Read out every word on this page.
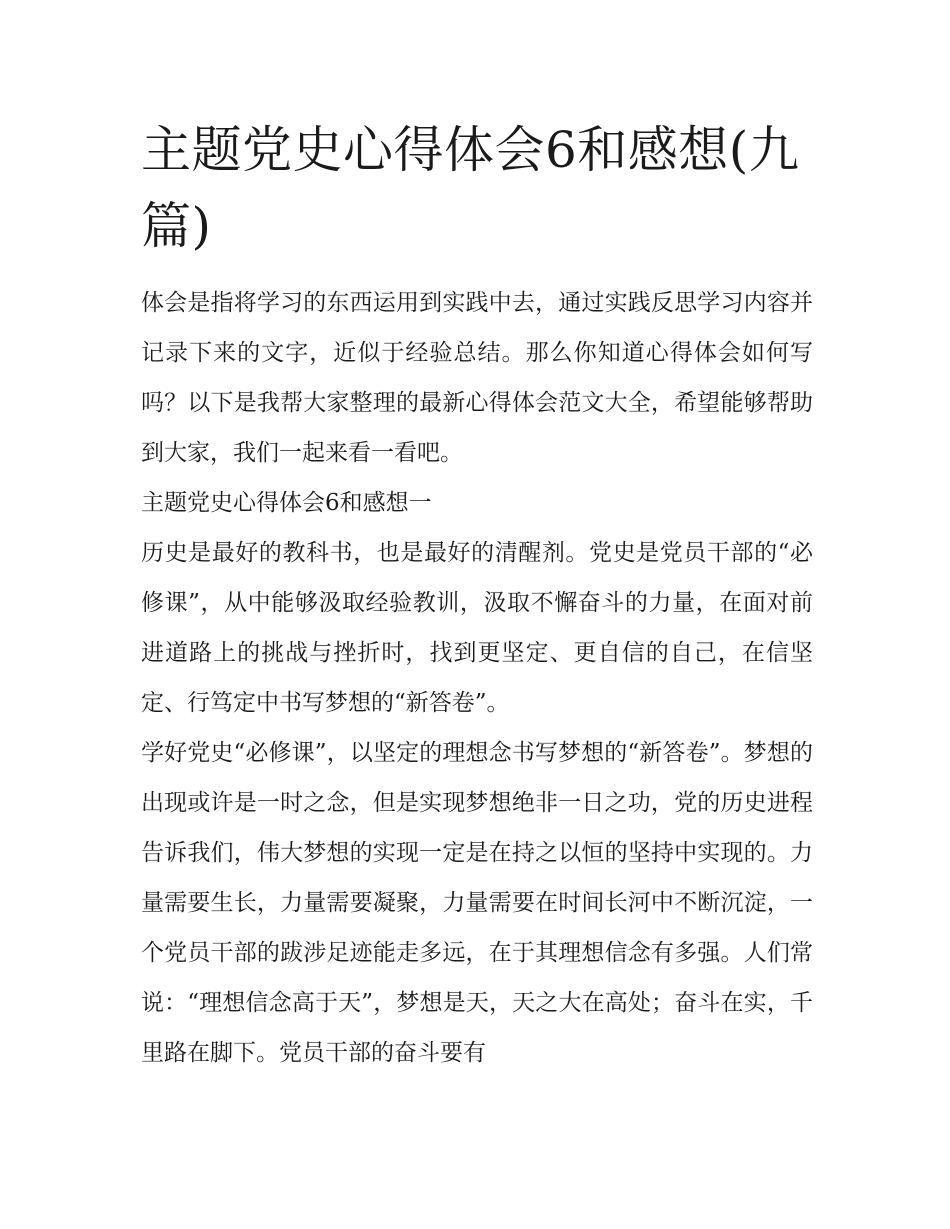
主题党史心得体会6和感想(九篇)

体会是指将学习的东西运用到实践中去，通过实践反思学习内容并记录下来的文字，近似于经验总结。那么你知道心得体会如何写吗？以下是我帮大家整理的最新心得体会范文大全，希望能够帮助到大家，我们一起来看一看吧。

主题党史心得体会6和感想一

历史是最好的教科书，也是最好的清醒剂。党史是党员干部的“必修课”，从中能够汲取经验教训，汲取不懈奋斗的力量，在面对前进道路上的挑战与挫折时，找到更坚定、更自信的自己，在信坚定、行笃定中书写梦想的“新答卷”。

学好党史“必修课”，以坚定的理想念书写梦想的“新答卷”。梦想的出现或许是一时之念，但是实现梦想绝非一日之功，党的历史进程告诉我们，伟大梦想的实现一定是在持之以恒的坚持中实现的。力量需要生长，力量需要凝聚，力量需要在时间长河中不断沉淀，一个党员干部的跋涉足迹能走多远，在于其理想信念有多强。人们常说：“理想信念高于天”，梦想是天，天之大在高处；奋斗在实，千里路在脚下。党员干部的奋斗要有
